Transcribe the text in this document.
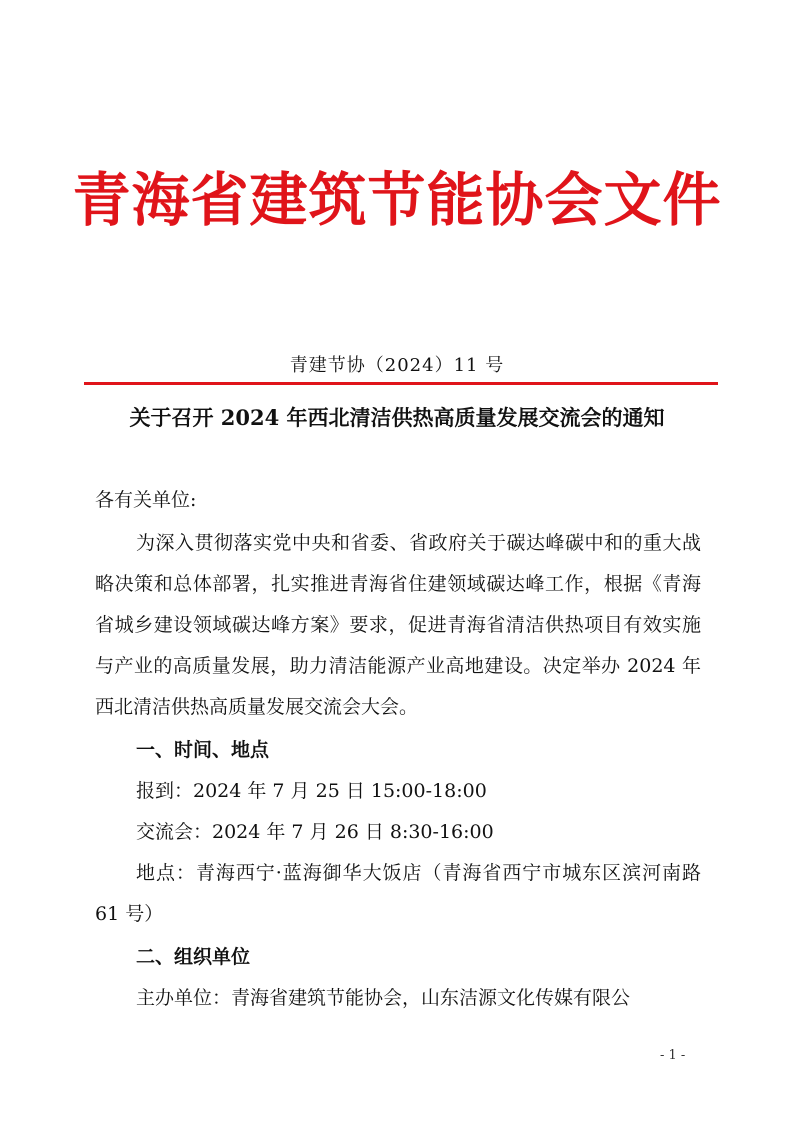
青海省建筑节能协会文件
青建节协（2024）11 号
关于召开 2024 年西北清洁供热高质量发展交流会的通知
各有关单位:
为深入贯彻落实党中央和省委、省政府关于碳达峰碳中和的重大战略决策和总体部署，扎实推进青海省住建领域碳达峰工作，根据《青海省城乡建设领域碳达峰方案》要求，促进青海省清洁供热项目有效实施与产业的高质量发展，助力清洁能源产业高地建设。决定举办 2024 年西北清洁供热高质量发展交流会大会。
一、时间、地点
报到：2024 年 7 月 25 日 15:00-18:00
交流会：2024 年 7 月 26 日 8:30-16:00
地点：青海西宁·蓝海御华大饭店（青海省西宁市城东区滨河南路 61 号）
二、组织单位
主办单位：青海省建筑节能协会，山东洁源文化传媒有限公
- 1 -
